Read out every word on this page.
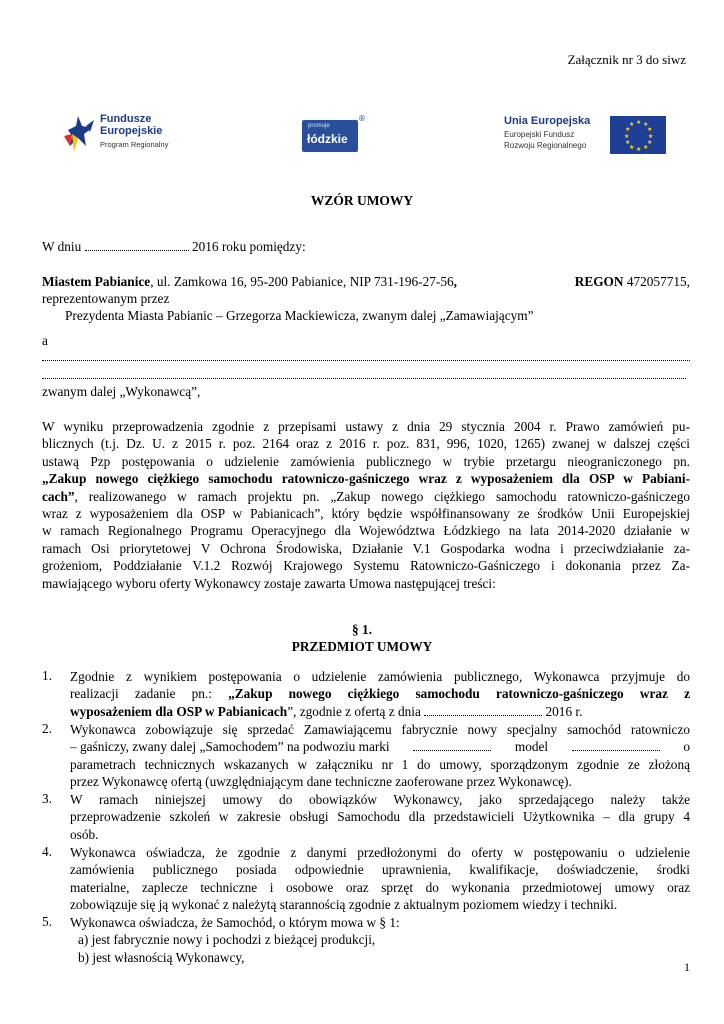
Załącznik nr 3 do siwz
Fundusze
Europejskie
Program Regionalny
promuje
łódzkie
®	Unia Europejska
Europejski Fundusz
Rozwoju Regionalnego
★ ★
★
★
★
★
★
★
★
★
★
★
WZÓR UMOWY
W dniu	2016 roku pomiędzy:
Miastem Pabianice, ul. Zamkowa 16, 95-200 Pabianice, NIP 731-196-27-56,	REGON 472057715,
reprezentowanym przez
Prezydenta Miasta Pabianic – Grzegorza Mackiewicza, zwanym dalej „Zamawiającym”
a
zwanym dalej „Wykonawcą”,
W wyniku przeprowadzenia zgodnie z przepisami ustawy z dnia 29 stycznia 2004 r. Prawo zamówień pu-
blicznych (t.j. Dz. U. z 2015 r. poz. 2164 oraz z 2016 r. poz. 831, 996, 1020, 1265) zwanej w dalszej części
ustawą Pzp postępowania o udzielenie zamówienia publicznego w trybie przetargu nieograniczonego pn.
„Zakup nowego ciężkiego samochodu ratowniczo-gaśniczego wraz z wyposażeniem dla OSP w Pabiani-
cach”, realizowanego w ramach projektu pn. „Zakup nowego ciężkiego samochodu ratowniczo-gaśniczego
wraz z wyposażeniem dla OSP w Pabianicach”, który będzie współfinansowany ze środków Unii Europejskiej
w ramach Regionalnego Programu Operacyjnego dla Województwa Łódzkiego na lata 2014-2020 działanie w
ramach Osi priorytetowej V Ochrona Środowiska, Działanie V.1 Gospodarka wodna i przeciwdziałanie za-
grożeniom, Poddziałanie V.1.2 Rozwój Krajowego Systemu Ratowniczo-Gaśniczego i dokonania przez Za-
mawiającego wyboru oferty Wykonawcy zostaje zawarta Umowa następującej treści:
§ 1.
PRZEDMIOT UMOWY
1. Zgodnie z wynikiem postępowania o udzielenie zamówienia publicznego, Wykonawca przyjmuje do
realizacji zadanie pn.: „Zakup nowego ciężkiego samochodu ratowniczo-gaśniczego wraz z
wyposażeniem dla OSP w Pabianicach”, zgodnie z ofertą z dnia	2016 r.
2. Wykonawca zobowiązuje się sprzedać Zamawiającemu fabrycznie nowy specjalny samochód ratowniczo
– gaśniczy, zwany dalej „Samochodem” na podwoziu marki	model	o
parametrach technicznych wskazanych w załączniku nr 1 do umowy, sporządzonym zgodnie ze złożoną
przez Wykonawcę ofertą (uwzględniającym dane techniczne zaoferowane przez Wykonawcę).
3. W ramach niniejszej umowy do obowiązków Wykonawcy, jako sprzedającego należy także
przeprowadzenie szkoleń w zakresie obsługi Samochodu dla przedstawicieli Użytkownika – dla grupy 4
osób.
4. Wykonawca oświadcza, że zgodnie z danymi przedłożonymi do oferty w postępowaniu o udzielenie
zamówienia publicznego posiada odpowiednie uprawnienia, kwalifikacje, doświadczenie, środki
materialne, zaplecze techniczne i osobowe oraz sprzęt do wykonania przedmiotowej umowy oraz
zobowiązuje się ją wykonać z należytą starannością zgodnie z aktualnym poziomem wiedzy i techniki.
5. Wykonawca oświadcza, że Samochód, o którym mowa w § 1:
a) jest fabrycznie nowy i pochodzi z bieżącej produkcji,
b) jest własnością Wykonawcy,
1
